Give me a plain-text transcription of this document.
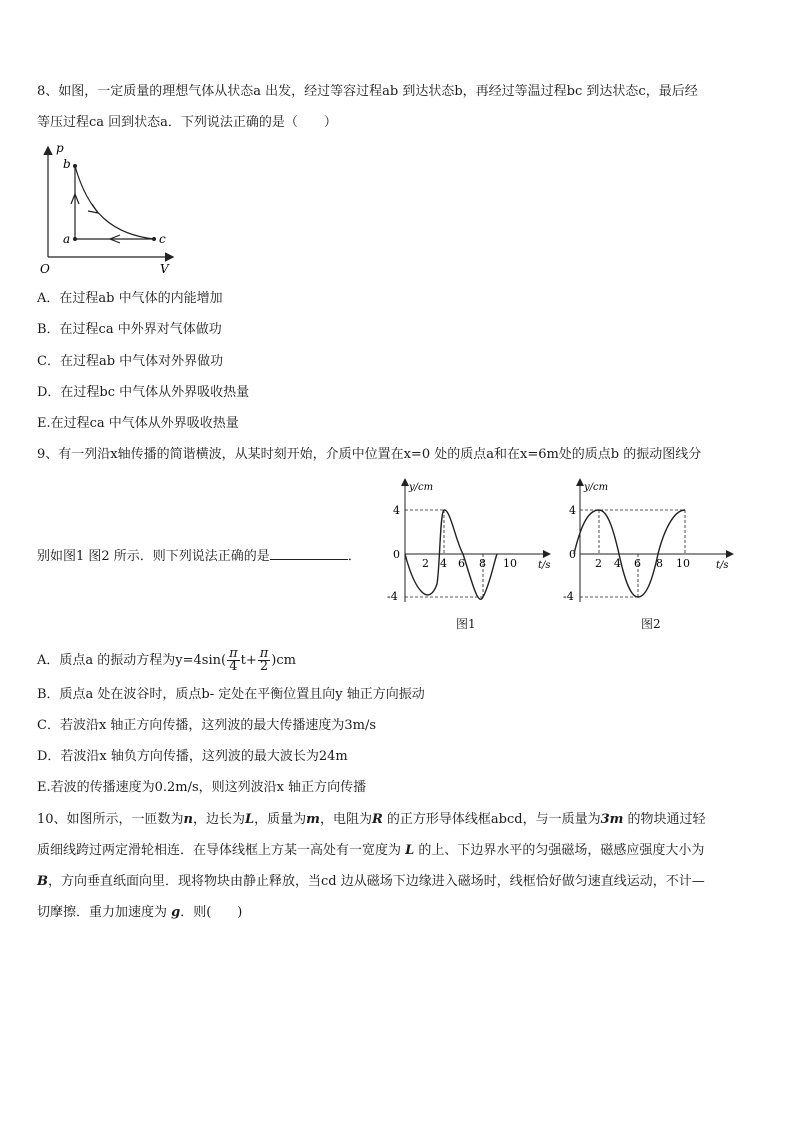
8、如图，一定质量的理想气体从状态a 出发，经过等容过程ab 到达状态b，再经过等温过程bc 到达状态c，最后经
等压过程ca 回到状态a．下列说法正确的是（　　）
p
V
O
a
b
c
A．在过程ab 中气体的内能增加
B．在过程ca 中外界对气体做功
C．在过程ab 中气体对外界做功
D．在过程bc 中气体从外界吸收热量
E.在过程ca 中气体从外界吸收热量
9、有一列沿x轴传播的简谐横波，从某时刻开始，介质中位置在x=0 处的质点a和在x=6m处的质点b 的振动图线分
别如图1 图2 所示．则下列说法正确的是	．
y/cm
t/s
4
0
-4
2 4 6 8 10
图1
y/cm
t/s
4
0
-4
2 4 6 8 10
图2
A．质点a 的振动方程为$y=4\sin( \frac{\pi}{4} t+ \frac{\pi}{2} )cm$
B．质点a 处在波谷时，质点b- 定处在平衡位置且向y 轴正方向振动
C．若波沿x 轴正方向传播，这列波的最大传播速度为3m/s
D．若波沿x 轴负方向传播，这列波的最大波长为24m
E.若波的传播速度为0.2m/s，则这列波沿x 轴正方向传播
10、如图所示，一匝数为n，边长为L，质量为m，电阻为R 的正方形导体线框abcd，与一质量为3m 的物块通过轻
质细线跨过两定滑轮相连．在导体线框上方某一高处有一宽度为 L 的上、下边界水平的匀强磁场，磁感应强度大小为
B，方向垂直纸面向里．现将物块由静止释放，当cd 边从磁场下边缘进入磁场时，线框恰好做匀速直线运动，不计—
切摩擦．重力加速度为 g．则(　　)
